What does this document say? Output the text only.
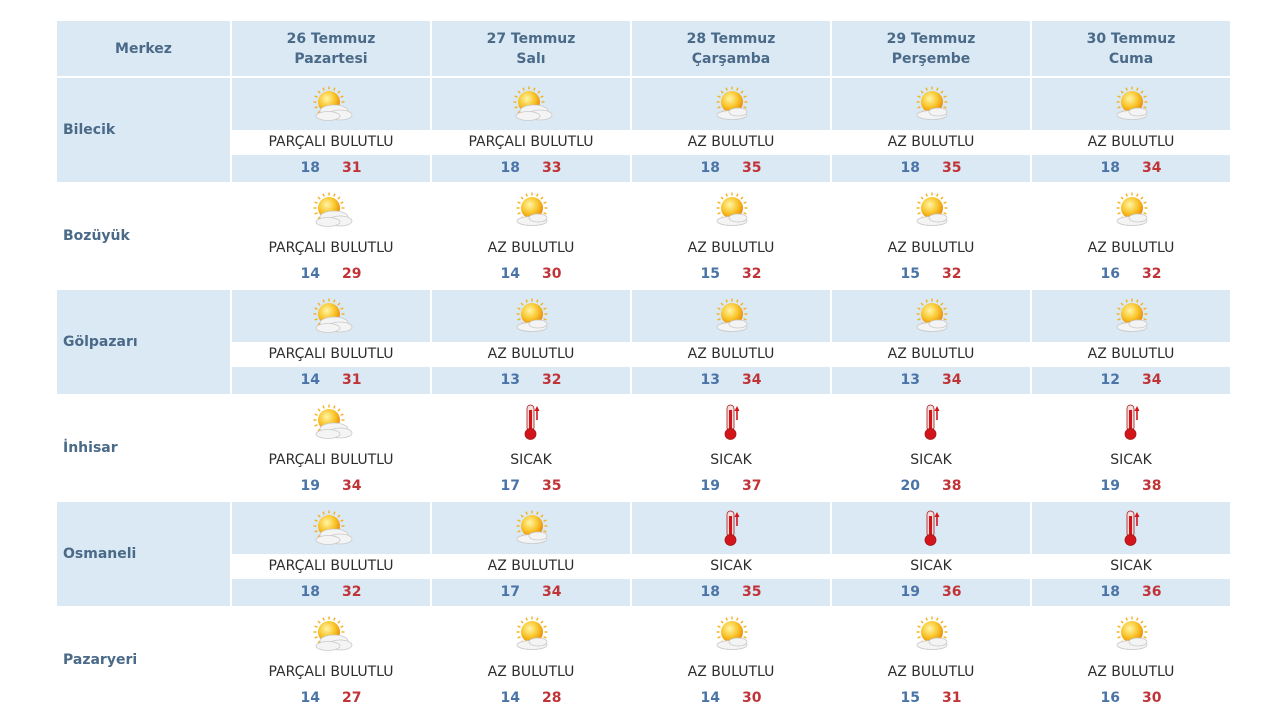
Merkez
26 Temmuz
Pazartesi
27 Temmuz
Salı
28 Temmuz
Çarşamba
29 Temmuz
Perşembe
30 Temmuz
Cuma
Bilecik
PARÇALI BULUTLU
18 31
PARÇALI BULUTLU
18 33
AZ BULUTLU
18 35
AZ BULUTLU
18 35
AZ BULUTLU
18 34
Bozüyük
PARÇALI BULUTLU
14 29
AZ BULUTLU
14 30
AZ BULUTLU
15 32
AZ BULUTLU
15 32
AZ BULUTLU
16 32
Gölpazarı
PARÇALI BULUTLU
14 31
AZ BULUTLU
13 32
AZ BULUTLU
13 34
AZ BULUTLU
13 34
AZ BULUTLU
12 34
İnhisar
PARÇALI BULUTLU
19 34
SICAK
17 35
SICAK
19 37
SICAK
20 38
SICAK
19 38
Osmaneli
PARÇALI BULUTLU
18 32
AZ BULUTLU
17 34
SICAK
18 35
SICAK
19 36
SICAK
18 36
Pazaryeri
PARÇALI BULUTLU
14 27
AZ BULUTLU
14 28
AZ BULUTLU
14 30
AZ BULUTLU
15 31
AZ BULUTLU
16 30
